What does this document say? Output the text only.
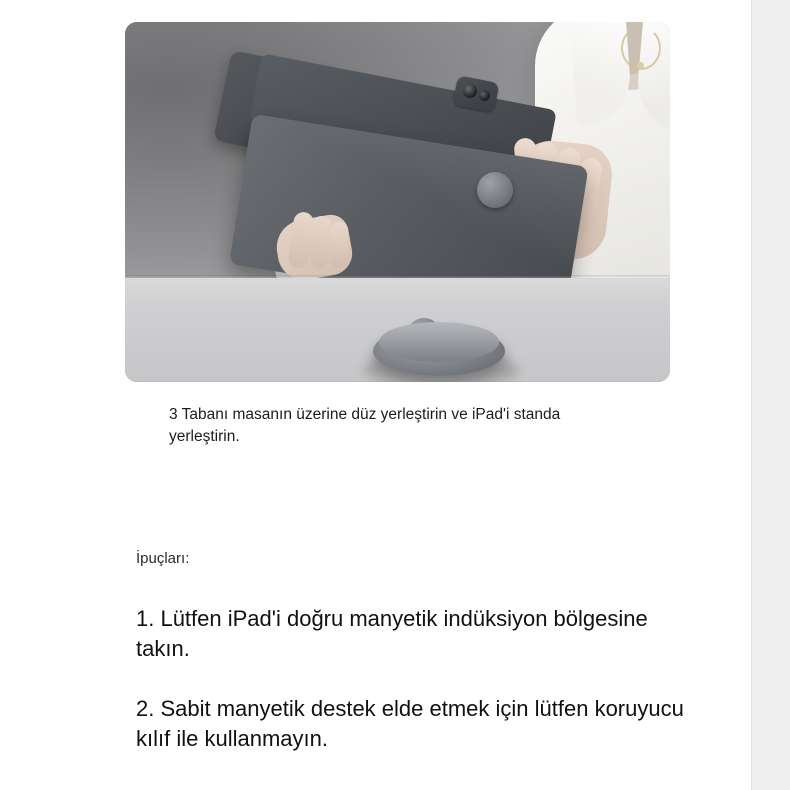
3 Tabanı masanın üzerine düz yerleştirin ve iPad'i standa yerleştirin.
İpuçları:
1. Lütfen iPad'i doğru manyetik indüksiyon bölgesine takın.
2. Sabit manyetik destek elde etmek için lütfen koruyucu kılıf ile kullanmayın.
